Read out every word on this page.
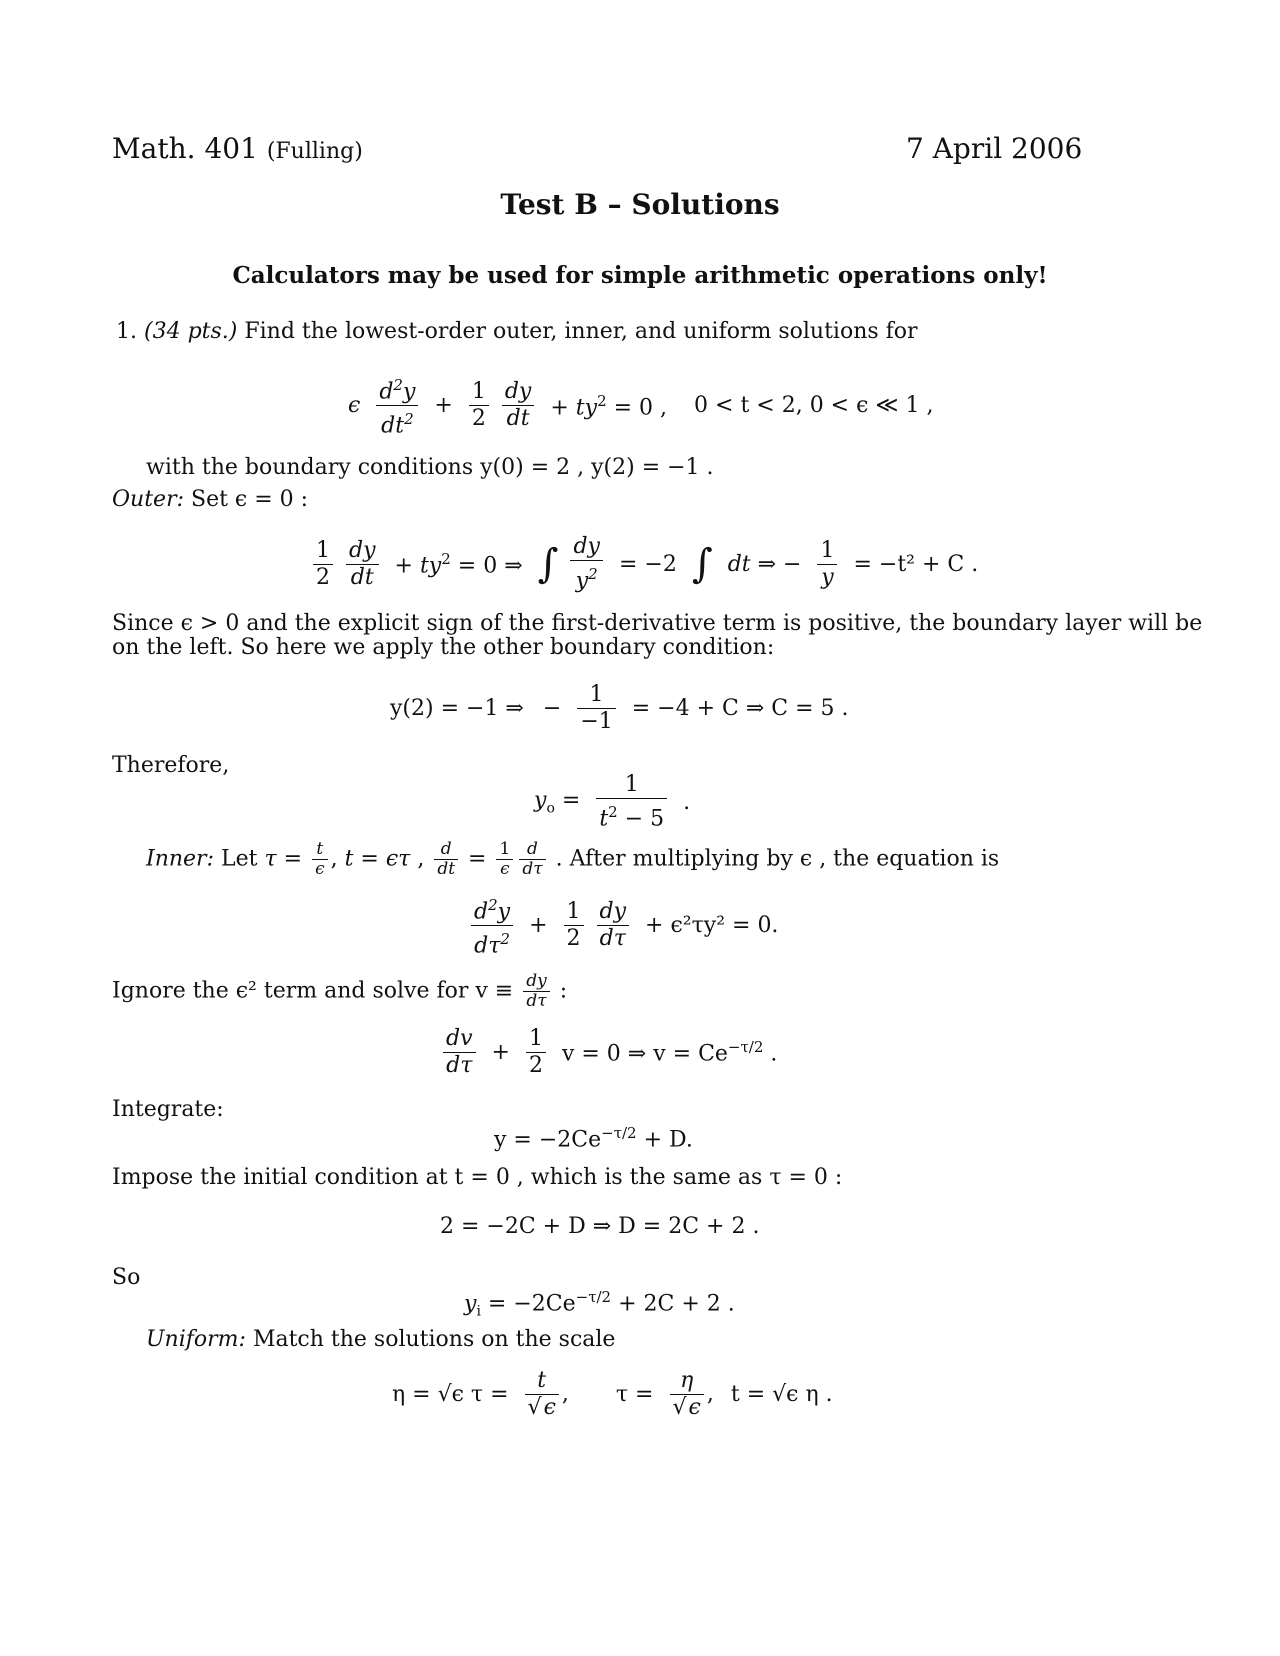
Math. 401 (Fulling)	7 April 2006
Test B – Solutions
Calculators may be used for simple arithmetic operations only!
1. (34 pts.) Find the lowest-order outer, inner, and uniform solutions for
ϵ $\frac{d^2y}{dt^2} + \frac{1}{2}$
$\frac{dy}{dt} + ty^2 = 0$ , 0 < t < 2, 0 < ϵ ≪ 1 ,
with the boundary conditions y(0) = 2 , y(2) = −1 .
Outer: Set ϵ = 0 :
$\frac{1}{2}$
$\frac{dy}{dt} + ty^2 = 0$ ⇒ ∫ $\frac{dy}{y^2} = -2$ ∫ dt ⇒ − $\frac{1}{y} = -t^2 + C$ .
Since ϵ > 0 and the explicit sign of the first-derivative term is positive, the boundary layer will be
on the left. So here we apply the other boundary condition:
y(2) = −1 ⇒ − $\frac{1}{-1} = -4 + C$ ⇒ C = 5 .
Therefore,
$y_o = \frac{1}{t^2 - 5}$ .
Inner: Let $\tau = \frac{t}{\epsilon}$ , t = ϵτ , $\frac{d}{dt} = \frac{1}{\epsilon} \frac{d}{d\tau}$ . After multiplying by ϵ , the equation is
$\frac{d^2y}{d\tau^2} + \frac{1}{2}$
$\frac{dy}{d\tau} + \epsilon^2\tau y^2 = 0$.
Ignore the ϵ² term and solve for $v \equiv \frac{dy}{d\tau}$ :
$\frac{dv}{d\tau} + \frac{1}{2}$ v = 0 ⇒ $v = Ce^{-\tau/2}$ .
Integrate:
$y = -2Ce^{-\tau/2} + D$.
Impose the initial condition at t = 0 , which is the same as τ = 0 :
2 = −2C + D ⇒ D = 2C + 2 .
So
$y_i = -2Ce^{-\tau/2} + 2C + 2$ .
Uniform: Match the solutions on the scale
η = √ϵ $\tau = \frac{t}{√\epsilon}$ , $\tau = \frac{\eta}{√\epsilon}$ , t = √ϵ η .
